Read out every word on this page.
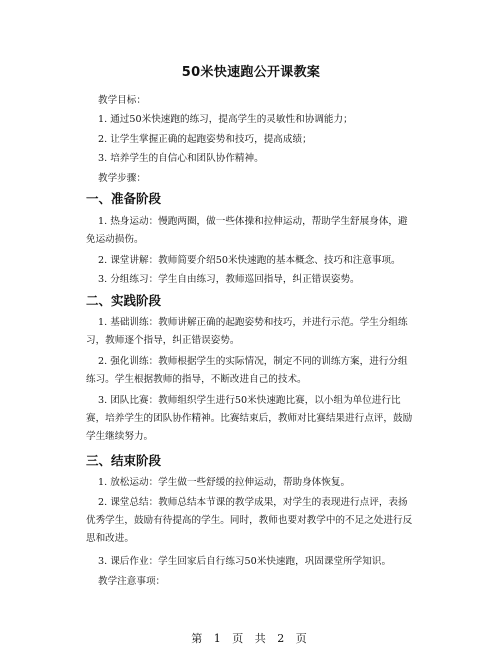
50米快速跑公开课教案
教学目标：
1. 通过50米快速跑的练习，提高学生的灵敏性和协调能力；
2. 让学生掌握正确的起跑姿势和技巧，提高成绩；
3. 培养学生的自信心和团队协作精神。
教学步骤：
一、准备阶段
1. 热身运动：慢跑两圈，做一些体操和拉伸运动，帮助学生舒展身体，避免运动损伤。
2. 课堂讲解：教师简要介绍50米快速跑的基本概念、技巧和注意事项。
3. 分组练习：学生自由练习，教师巡回指导，纠正错误姿势。
二、实践阶段
1. 基础训练：教师讲解正确的起跑姿势和技巧，并进行示范。学生分组练习，教师逐个指导，纠正错误姿势。
2. 强化训练：教师根据学生的实际情况，制定不同的训练方案，进行分组练习。学生根据教师的指导，不断改进自己的技术。
3. 团队比赛：教师组织学生进行50米快速跑比赛，以小组为单位进行比赛，培养学生的团队协作精神。比赛结束后，教师对比赛结果进行点评，鼓励学生继续努力。
三、结束阶段
1. 放松运动：学生做一些舒缓的拉伸运动，帮助身体恢复。
2. 课堂总结：教师总结本节课的教学成果，对学生的表现进行点评，表扬优秀学生，鼓励有待提高的学生。同时，教师也要对教学中的不足之处进行反思和改进。
3. 课后作业：学生回家后自行练习50米快速跑，巩固课堂所学知识。
教学注意事项：
第 1 页 共 2 页
